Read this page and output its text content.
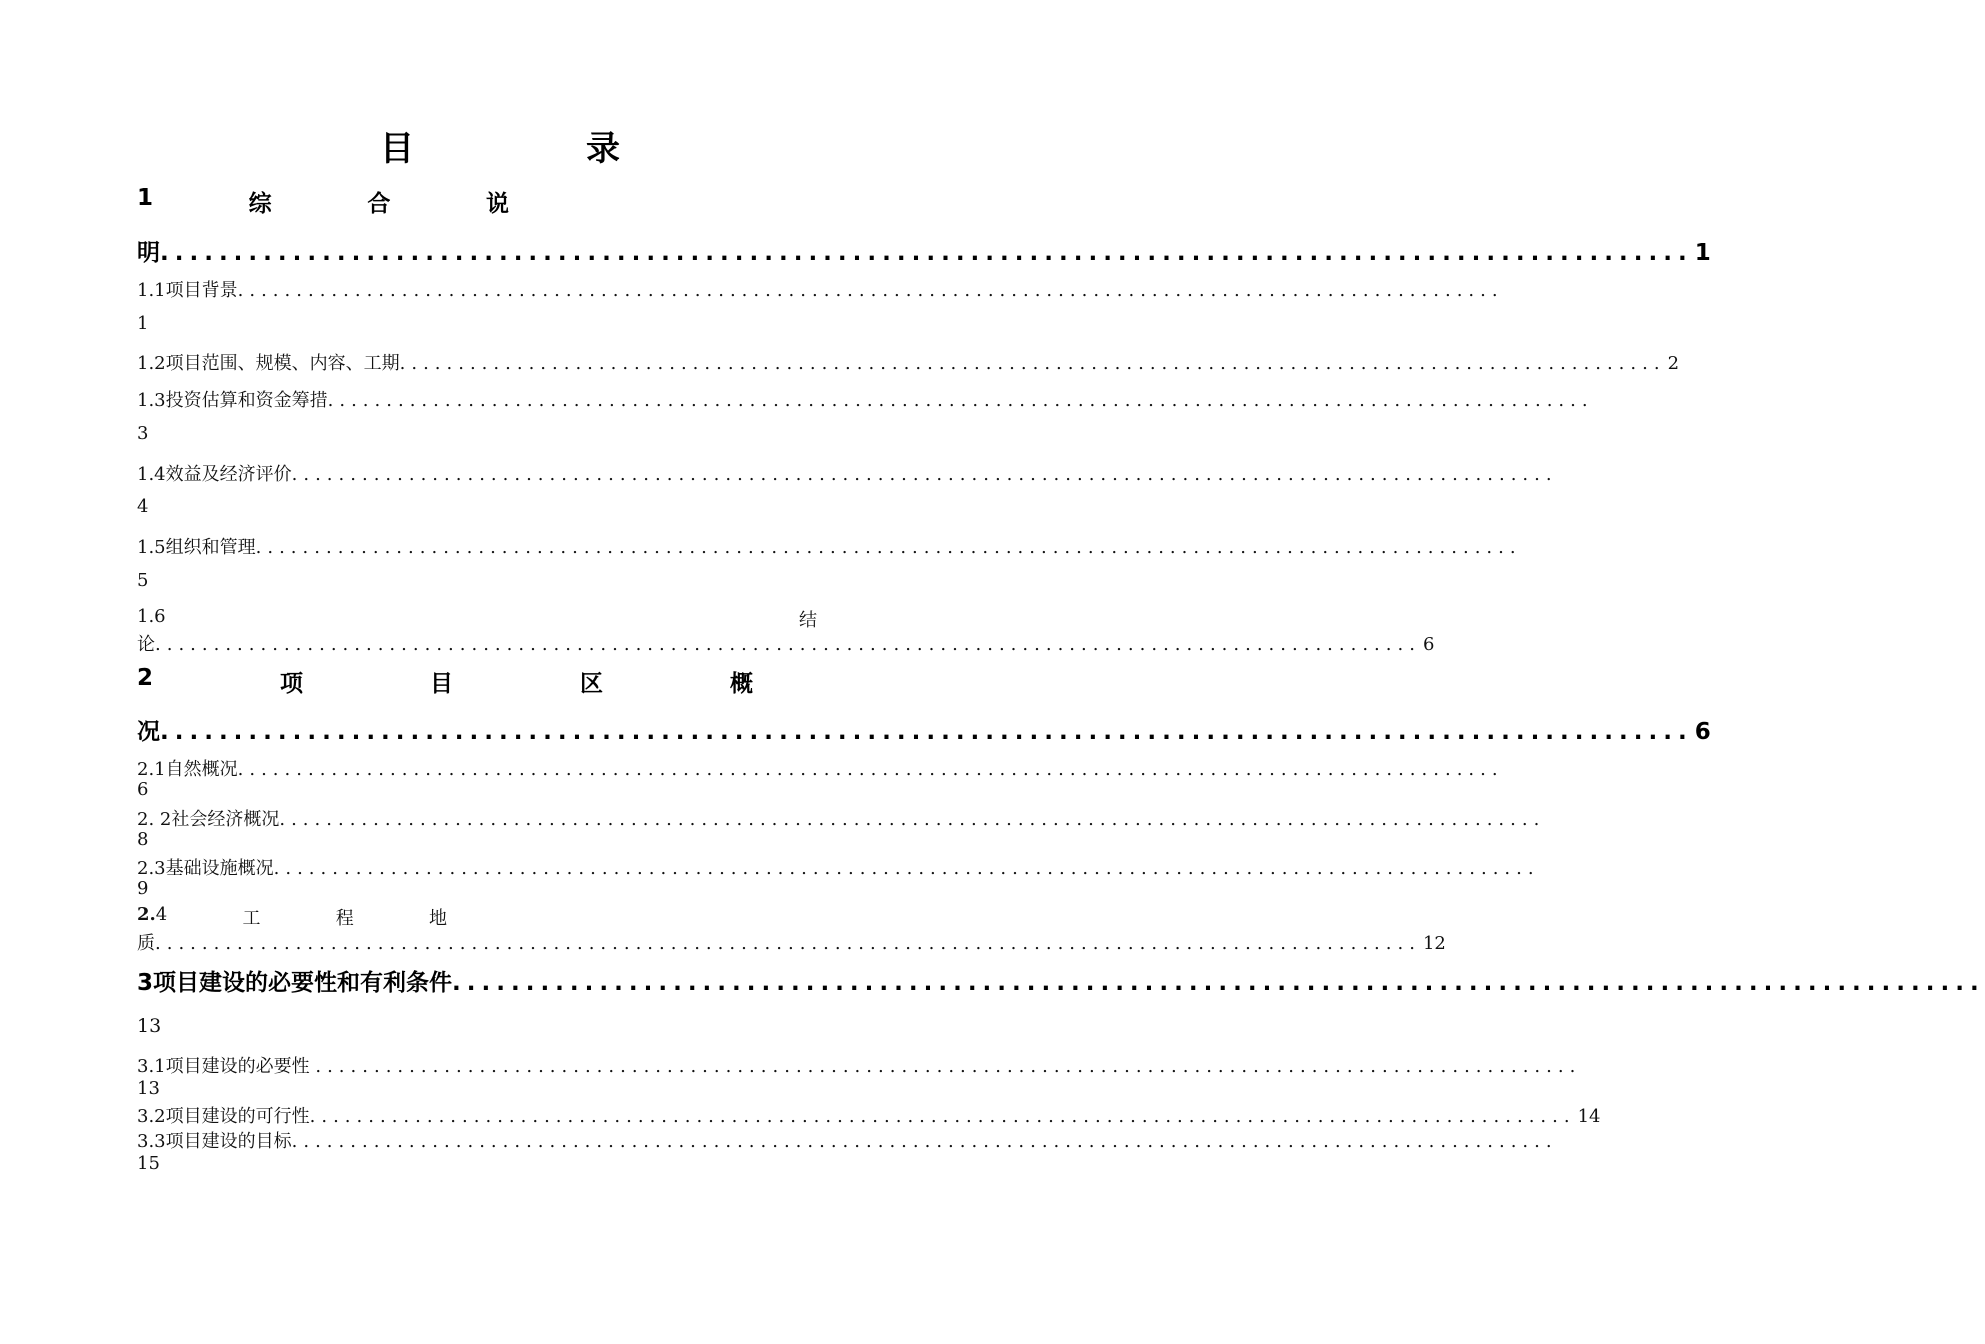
目	录
1	综	合	说
明 ........................................................................................................ 1
1.1项目背景 ............................................................................................................
1
1.2项目范围、规模、内容、工期 ............................................................................................................ 2
1.3投资估算和资金筹措 ............................................................................................................
3
1.4效益及经济评价 ............................................................................................................
4
1.5组织和管理 ............................................................................................................
5
1.6	结
论 ............................................................................................................ 6
2	项	目	区	概
况 ........................................................................................................ 6
2.1自然概况 ............................................................................................................
6
2. 2社会经济概况 ............................................................................................................
8
2.3基础设施概况 ............................................................................................................
9
2.4	工	程	地
质 ............................................................................................................ 12
3项目建设的必要性和有利条件 ........................................................................................................
13
3.1项目建设的必要性 ............................................................................................................
13
3.2项目建设的可行性 ............................................................................................................ 14
3.3项目建设的目标 ............................................................................................................
15
